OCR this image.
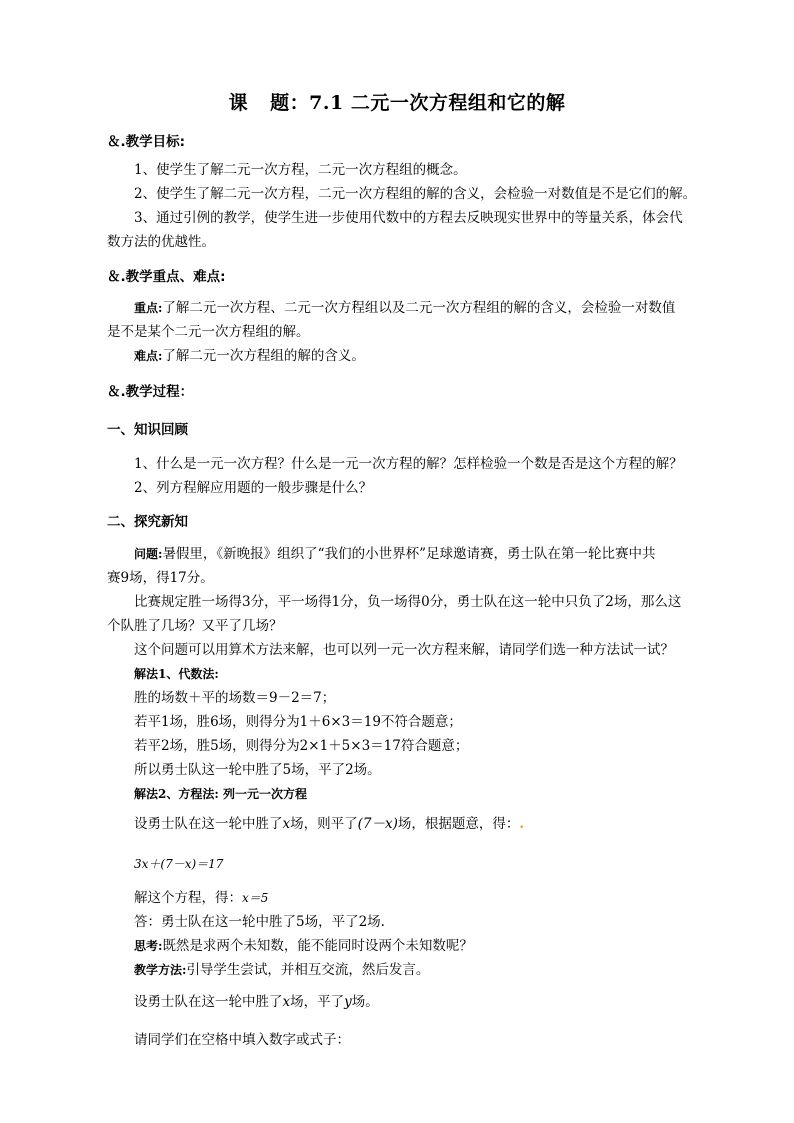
课 题：7.1 二元一次方程组和它的解
＆.教学目标:
1、使学生了解二元一次方程，二元一次方程组的概念。
2、使学生了解二元一次方程，二元一次方程组的解的含义，会检验一对数值是不是它们的解。
3、通过引例的教学，使学生进一步使用代数中的方程去反映现实世界中的等量关系，体会代
数方法的优越性。
＆.教学重点、难点:
重点:了解二元一次方程、二元一次方程组以及二元一次方程组的解的含义，会检验一对数值
是不是某个二元一次方程组的解。
难点:了解二元一次方程组的解的含义。
＆.教学过程：
一、知识回顾
1、什么是一元一次方程？什么是一元一次方程的解？怎样检验一个数是否是这个方程的解？
2、列方程解应用题的一般步骤是什么？
二、探究新知
问题:暑假里，《新晚报》组织了“我们的小世界杯”足球邀请赛，勇士队在第一轮比赛中共
赛9场，得17分。
比赛规定胜一场得3分，平一场得1分，负一场得0分，勇士队在这一轮中只负了2场，那么这
个队胜了几场？又平了几场？
这个问题可以用算术方法来解，也可以列一元一次方程来解，请同学们选一种方法试一试？
解法1、代数法:
胜的场数＋平的场数＝9－2＝7；
若平1场，胜6场，则得分为1＋6×3＝19不符合题意；
若平2场，胜5场，则得分为2×1＋5×3＝17符合题意；
所以勇士队这一轮中胜了5场，平了2场。
解法2、方程法: 列一元一次方程
设勇士队在这一轮中胜了x场，则平了(7－x)场，根据题意，得：.
3x＋(7－x)＝17
解这个方程，得：x＝5
答：勇士队在这一轮中胜了5场，平了2场.
思考:既然是求两个未知数，能不能同时设两个未知数呢？
教学方法:引导学生尝试，并相互交流，然后发言。
设勇士队在这一轮中胜了x场，平了y场。
请同学们在空格中填入数字或式子：
